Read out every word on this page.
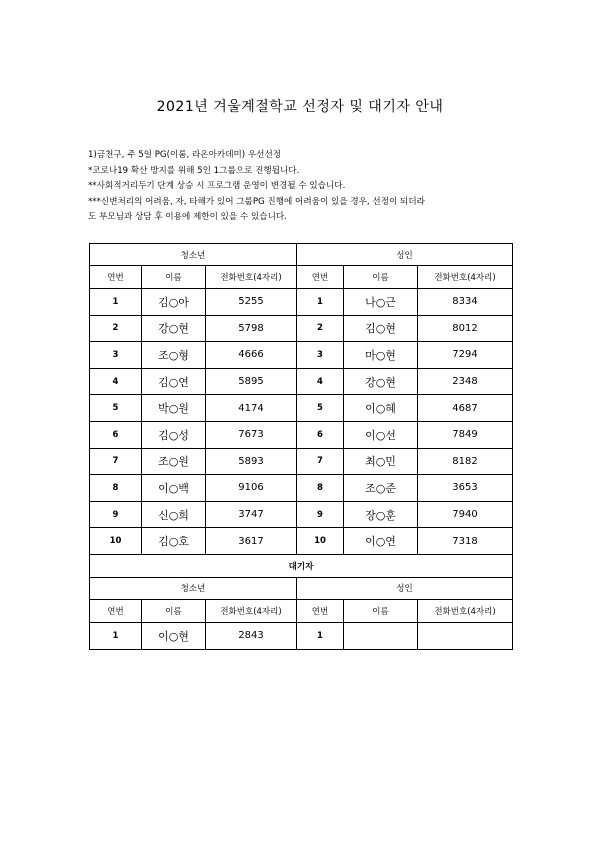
2021년 겨울계절학교 선정자 및 대기자 안내
1)금천구, 주 5일 PG(이룸, 라온아카데미) 우선선정
*코로나19 확산 방지를 위해 5인 1그룹으로 진행됩니다.
**사회적거리두기 단계 상승 시 프로그램 운영이 변경될 수 있습니다.
***신변처리의 어려움, 자, 타해가 있어 그룹PG 진행에 어려움이 있을 경우, 선정이 되더라
도 부모님과 상담 후 이용에 제한이 있을 수 있습니다.
청소년			성인		
연번	이름	전화번호(4자리)	연번	이름	전화번호(4자리)
1	김○아	5255	1	나○근	8334
2	강○현	5798	2	김○현	8012
3	조○형	4666	3	마○현	7294
4	김○연	5895	4	강○현	2348
5	박○원	4174	5	이○혜	4687
6	김○성	7673	6	이○선	7849
7	조○원	5893	7	최○민	8182
8	이○백	9106	8	조○준	3653
9	신○희	3747	9	장○훈	7940
10	김○호	3617	10	이○연	7318
대기자					
청소년			성인		
연번	이름	전화번호(4자리)	연번	이름	전화번호(4자리)
1	이○현	2843	1		
